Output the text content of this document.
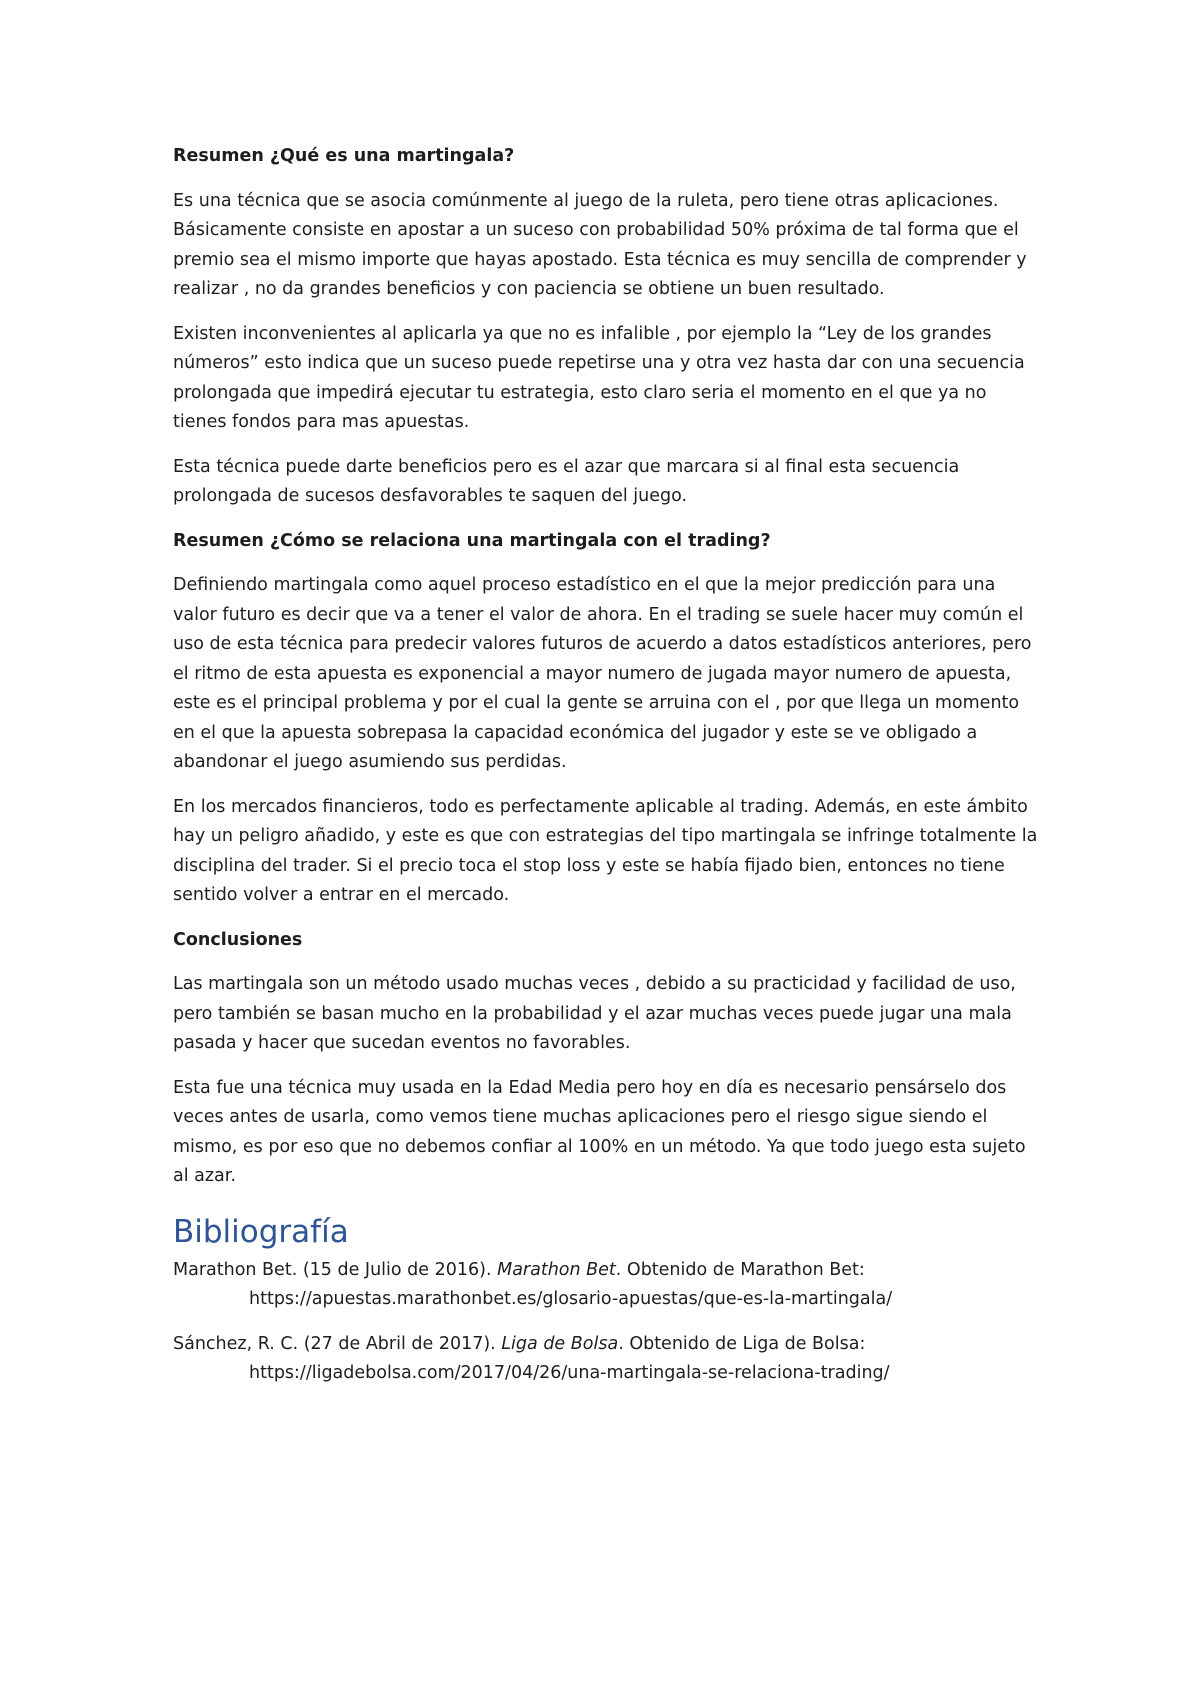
Resumen ¿Qué es una martingala?

Es una técnica que se asocia comúnmente al juego de la ruleta, pero tiene otras aplicaciones. Básicamente consiste en apostar a un suceso con probabilidad 50% próxima de tal forma que el premio sea el mismo importe que hayas apostado. Esta técnica es muy sencilla de comprender y realizar , no da grandes beneficios y con paciencia se obtiene un buen resultado.

Existen inconvenientes al aplicarla ya que no es infalible , por ejemplo la “Ley de los grandes números” esto indica que un suceso puede repetirse una y otra vez hasta dar con una secuencia prolongada que impedirá ejecutar tu estrategia, esto claro seria el momento en el que ya no tienes fondos para mas apuestas.

Esta técnica puede darte beneficios pero es el azar que marcara si al final esta secuencia prolongada de sucesos desfavorables te saquen del juego.

Resumen ¿Cómo se relaciona una martingala con el trading?

Definiendo martingala como aquel proceso estadístico en el que la mejor predicción para una valor futuro es decir que va a tener el valor de ahora. En el trading se suele hacer muy común el uso de esta técnica para predecir valores futuros de acuerdo a datos estadísticos anteriores, pero el ritmo de esta apuesta es exponencial a mayor numero de jugada mayor numero de apuesta, este es el principal problema y por el cual la gente se arruina con el , por que llega un momento en el que la apuesta sobrepasa la capacidad económica del jugador y este se ve obligado a abandonar el juego asumiendo sus perdidas.

En los mercados financieros, todo es perfectamente aplicable al trading. Además, en este ámbito hay un peligro añadido, y este es que con estrategias del tipo martingala se infringe totalmente la disciplina del trader. Si el precio toca el stop loss y este se había fijado bien, entonces no tiene sentido volver a entrar en el mercado.

Conclusiones

Las martingala son un método usado muchas veces , debido a su practicidad y facilidad de uso, pero también se basan mucho en la probabilidad y el azar muchas veces puede jugar una mala pasada y hacer que sucedan eventos no favorables.

Esta fue una técnica muy usada en la Edad Media pero hoy en día es necesario pensárselo dos veces antes de usarla, como vemos tiene muchas aplicaciones pero el riesgo sigue siendo el mismo, es por eso que no debemos confiar al 100% en un método. Ya que todo juego esta sujeto al azar.

Bibliografía

Marathon Bet. (15 de Julio de 2016). Marathon Bet. Obtenido de Marathon Bet: https://apuestas.marathonbet.es/glosario-apuestas/que-es-la-martingala/

Sánchez, R. C. (27 de Abril de 2017). Liga de Bolsa. Obtenido de Liga de Bolsa: https://ligadebolsa.com/2017/04/26/una-martingala-se-relaciona-trading/
